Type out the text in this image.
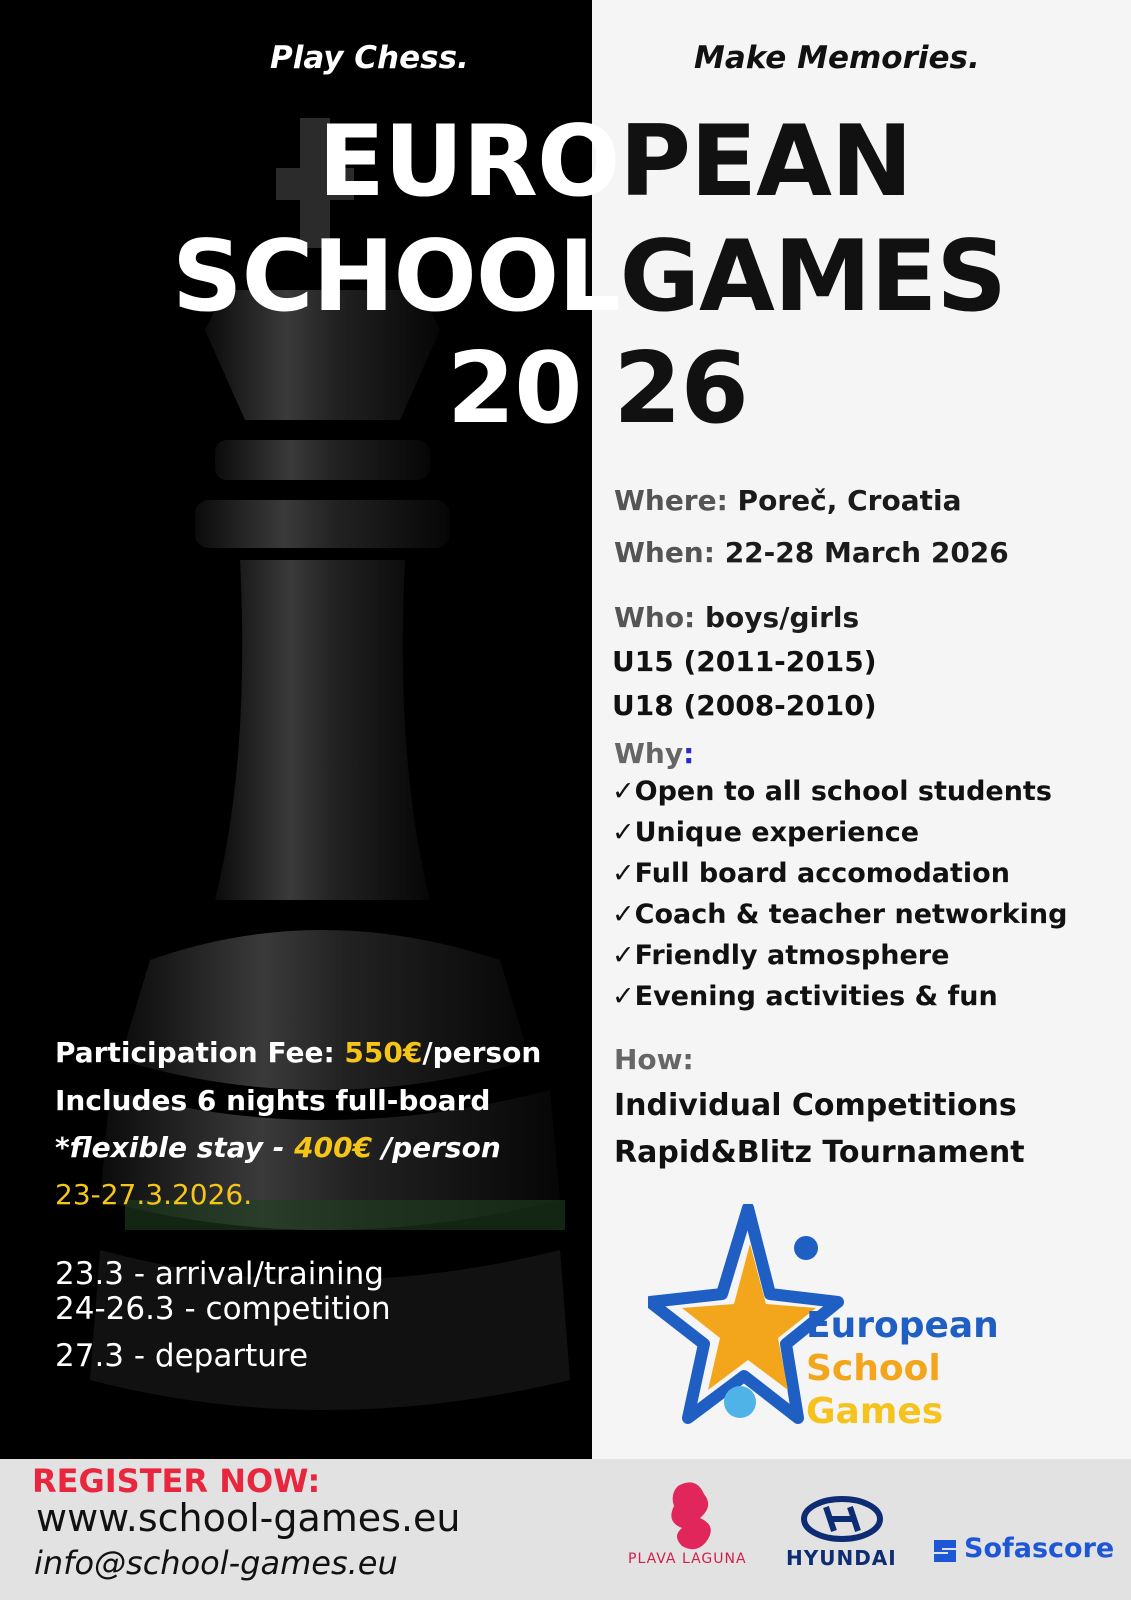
Play Chess.	Make Memories.
EUROPEAN
SCHOOLGAMES
20 26
Where: Poreč, Croatia
When: 22-28 March 2026
Who: boys/girls
U15 (2011-2015)
U18 (2008-2010)
Why:
✓Open to all school students
✓Unique experience
✓Full board accomodation
✓Coach & teacher networking
✓Friendly atmosphere
✓Evening activities & fun
How:
Individual Competitions
Rapid&Blitz Tournament
Participation Fee: 550€/person
Includes 6 nights full-board
*flexible stay - 400€ /person
23-27.3.2026.
23.3 - arrival/training
24-26.3 - competition
27.3 - departure
European
School
Games
REGISTER NOW:
www.school-games.eu
info@school-games.eu	PLAVA LAGUNA HYUNDAI Sofascore
